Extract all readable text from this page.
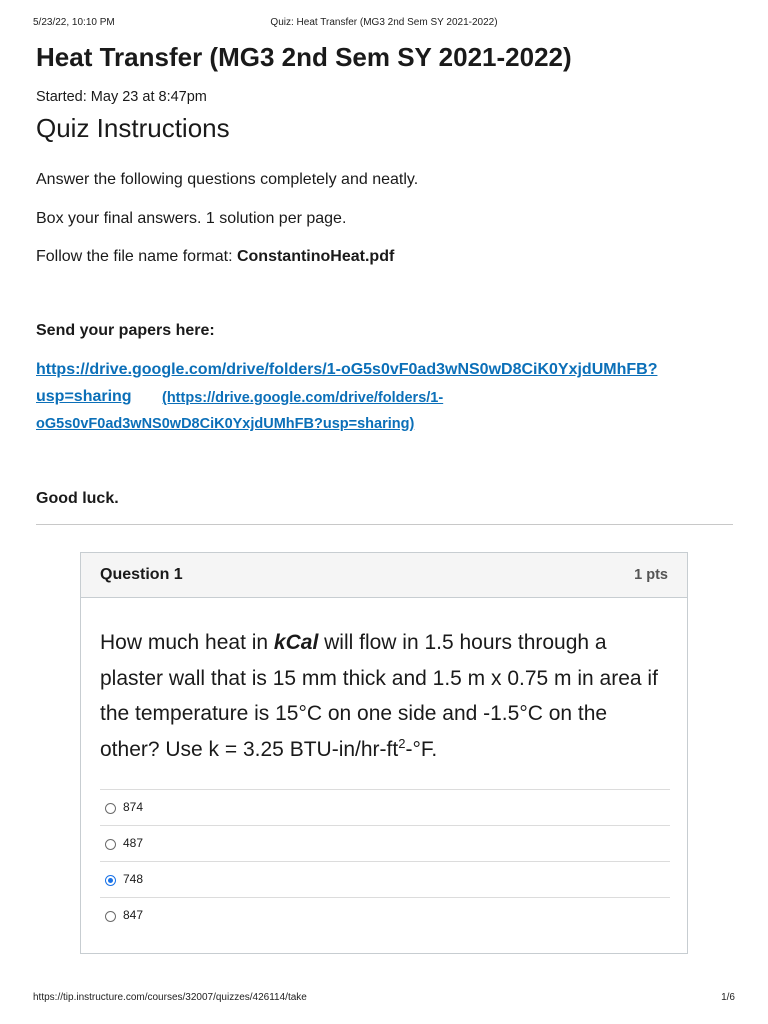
5/23/22, 10:10 PM	Quiz: Heat Transfer (MG3 2nd Sem SY 2021-2022)
Heat Transfer (MG3 2nd Sem SY 2021-2022)
Started: May 23 at 8:47pm
Quiz Instructions
Answer the following questions completely and neatly.
Box your final answers. 1 solution per page.
Follow the file name format: ConstantinoHeat.pdf
Send your papers here:
https://drive.google.com/drive/folders/1-oG5s0vF0ad3wNS0wD8CiK0YxjdUMhFB?
usp=sharing (https://drive.google.com/drive/folders/1-
oG5s0vF0ad3wNS0wD8CiK0YxjdUMhFB?usp=sharing)
Good luck.
Question 1	1 pts
How much heat in kCal will flow in 1.5 hours through a plaster wall that is 15 mm thick and 1.5 m x 0.75 m in area if the temperature is 15°C on one side and -1.5°C on the other? Use k = 3.25 BTU-$in/hr-ft^2-^\circ F$.
874
487
748
847
https://tip.instructure.com/courses/32007/quizzes/426114/take	1/6
